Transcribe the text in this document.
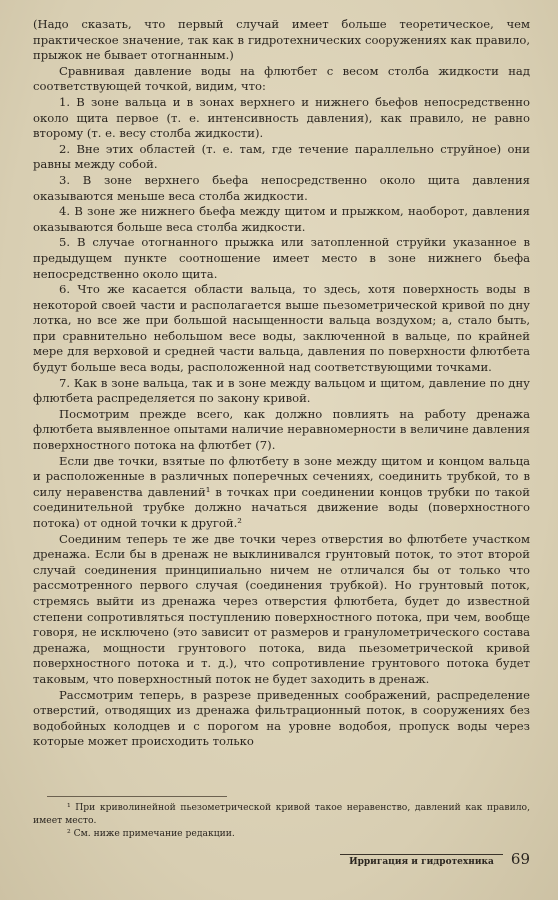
(Надо сказать, что первый случай имеет больше теоретическое, чем практическое значение, так как в гидротехнических сооружениях как правило, прыжок не бывает отогнанным.)

Сравнивая давление воды на флютбет с весом столба жидкости над соответствующей точкой, видим, что:

1. В зоне вальца и в зонах верхнего и нижнего бьефов непосредственно около щита первое (т. е. интенсивность давления), как правило, не равно второму (т. е. весу столба жидкости).

2. Вне этих областей (т. е. там, где течение параллельно струйное) они равны между собой.

3. В зоне верхнего бьефа непосредственно около щита давления оказываются меньше веса столба жидкости.

4. В зоне же нижнего бьефа между щитом и прыжком, наоборот, давления оказываются больше веса столба жидкости.

5. В случае отогнанного прыжка или затопленной струйки указанное в предыдущем пункте соотношение имеет место в зоне нижнего бьефа непосредственно около щита.

6. Что же касается области вальца, то здесь, хотя поверхность воды в некоторой своей части и располагается выше пьезометрической кривой по дну лотка, но все же при большой насыщенности вальца воздухом; а, стало быть, при сравнительно небольшом весе воды, заключенной в вальце, по крайней мере для верховой и средней части вальца, давления по поверхности флютбета будут больше веса воды, расположенной над соответствующими точками.

7. Как в зоне вальца, так и в зоне между вальцом и щитом, давление по дну флютбета распределяется по закону кривой.

Посмотрим прежде всего, как должно повлиять на работу дренажа флютбета выявленное опытами наличие неравномерности в величине давления поверхностного потока на флютбет (7).

Если две точки, взятые по флютбету в зоне между щитом и концом вальца и расположенные в различных поперечных сечениях, соединить трубкой, то в силу неравенства давлений¹ в точках при соединении концов трубки по такой соединительной трубке должно начаться движение воды (поверхностного потока) от одной точки к другой.²

Соединим теперь те же две точки через отверстия во флютбете участком дренажа. Если бы в дренаж не выклинивался грунтовый поток, то этот второй случай соединения принципиально ничем не отличался бы от только что рассмотренного первого случая (соединения трубкой). Но грунтовый поток, стремясь выйти из дренажа через отверстия флютбета, будет до известной степени сопротивляться поступлению поверхностного потока, при чем, вообще говоря, не исключено (это зависит от размеров и гранулометрического состава дренажа, мощности грунтового потока, вида пьезометрической кривой поверхностного потока и т. д.), что сопротивление грунтового потока будет таковым, что поверхностный поток не будет заходить в дренаж.

Рассмотрим теперь, в разрезе приведенных соображений, распределение отверстий, отводящих из дренажа фильтрационный поток, в сооружениях без водобойных колодцев и с порогом на уровне водобоя, пропуск воды через которые может происходить только

¹ При криволинейной пьезометрической кривой такое неравенство, давлений как правило, имеет место.

² См. ниже примечание редакции.

Ирригация и гидротехника	69
